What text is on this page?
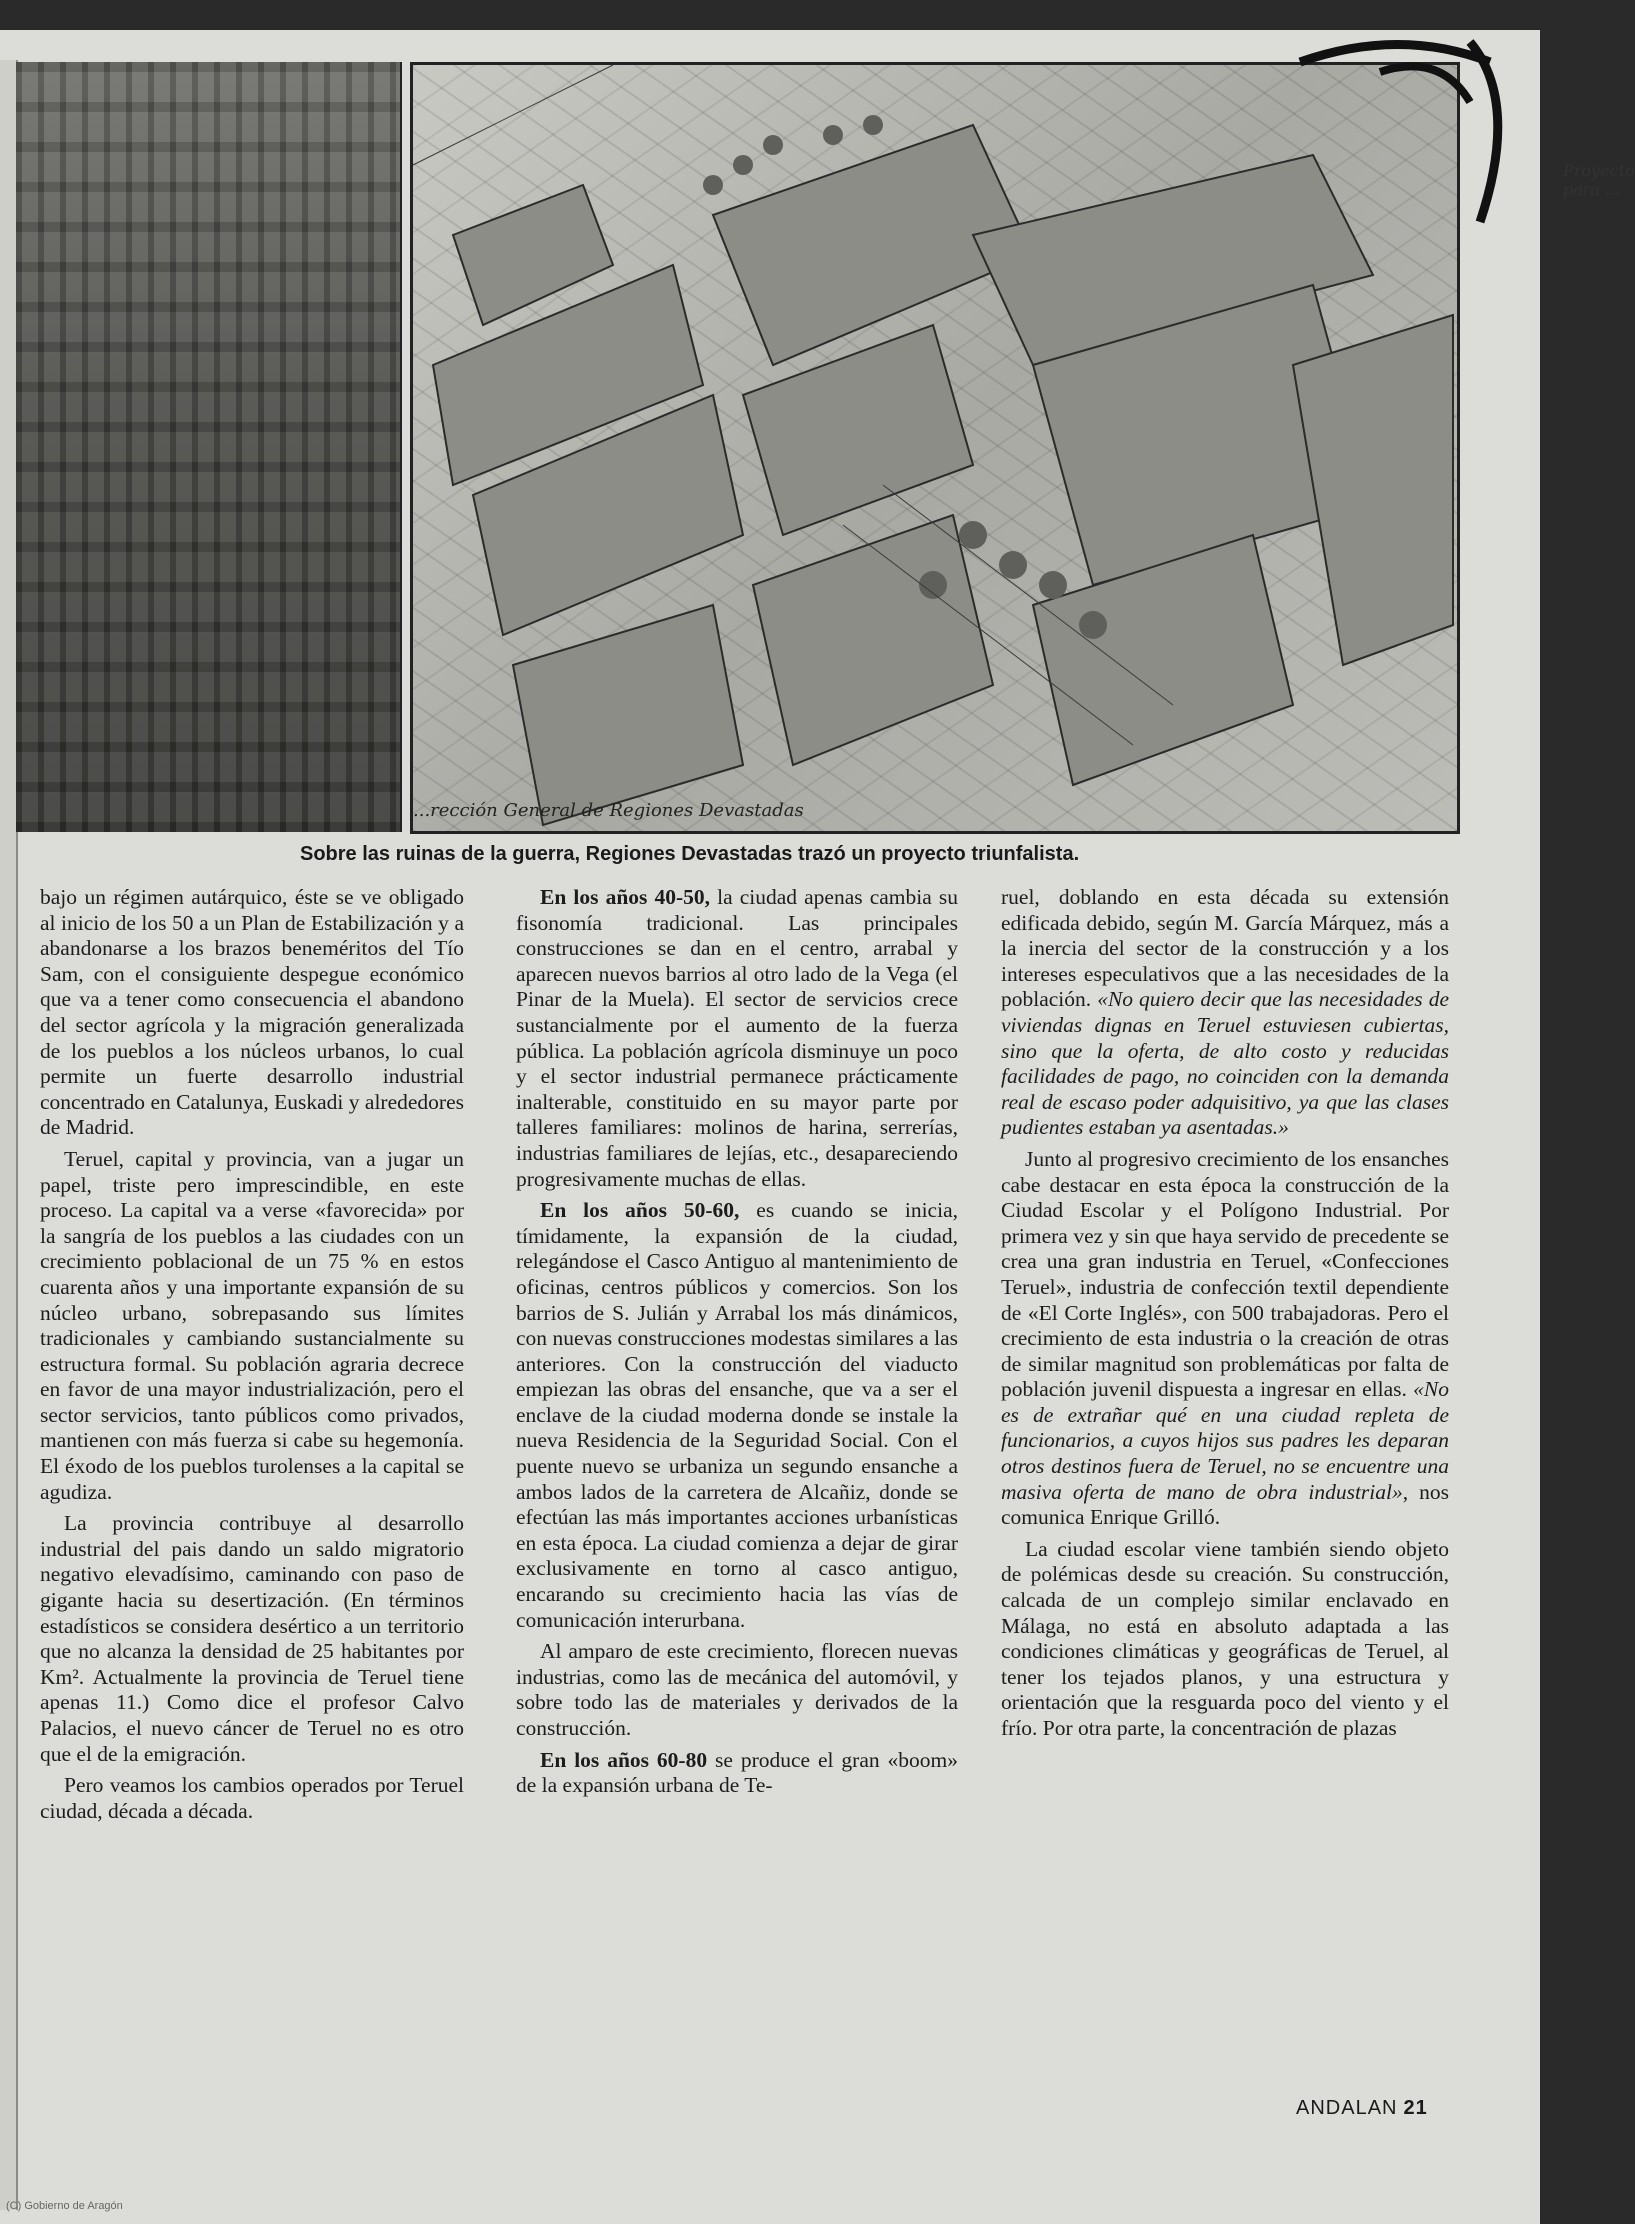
Proyecto para ...
...rección General de Regiones Devastadas
Sobre las ruinas de la guerra, Regiones Devastadas trazó un proyecto triunfalista.

bajo un régimen autárquico, éste se ve obligado al inicio de los 50 a un Plan de Estabilización y a abandonarse a los brazos beneméritos del Tío Sam, con el consiguiente despegue económico que va a tener como consecuencia el abandono del sector agrícola y la migración generalizada de los pueblos a los núcleos urbanos, lo cual permite un fuerte desarrollo industrial concentrado en Catalunya, Euskadi y alrededores de Madrid.

Teruel, capital y provincia, van a jugar un papel, triste pero imprescindible, en este proceso. La capital va a verse «favorecida» por la sangría de los pueblos a las ciudades con un crecimiento poblacional de un 75 % en estos cuarenta años y una importante expansión de su núcleo urbano, sobrepasando sus límites tradicionales y cambiando sustancialmente su estructura formal. Su población agraria decrece en favor de una mayor industrialización, pero el sector servicios, tanto públicos como privados, mantienen con más fuerza si cabe su hegemonía. El éxodo de los pueblos turolenses a la capital se agudiza.

La provincia contribuye al desarrollo industrial del pais dando un saldo migratorio negativo elevadísimo, caminando con paso de gigante hacia su desertización. (En términos estadísticos se considera desértico a un territorio que no alcanza la densidad de 25 habitantes por Km². Actualmente la provincia de Teruel tiene apenas 11.) Como dice el profesor Calvo Palacios, el nuevo cáncer de Teruel no es otro que el de la emigración.

Pero veamos los cambios operados por Teruel ciudad, década a década.

En los años 40-50, la ciudad apenas cambia su fisonomía tradicional. Las principales construcciones se dan en el centro, arrabal y aparecen nuevos barrios al otro lado de la Vega (el Pinar de la Muela). El sector de servicios crece sustancialmente por el aumento de la fuerza pública. La población agrícola disminuye un poco y el sector industrial permanece prácticamente inalterable, constituido en su mayor parte por talleres familiares: molinos de harina, serrerías, industrias familiares de lejías, etc., desapareciendo progresivamente muchas de ellas.

En los años 50-60, es cuando se inicia, tímidamente, la expansión de la ciudad, relegándose el Casco Antiguo al mantenimiento de oficinas, centros públicos y comercios. Son los barrios de S. Julián y Arrabal los más dinámicos, con nuevas construcciones modestas similares a las anteriores. Con la construcción del viaducto empiezan las obras del ensanche, que va a ser el enclave de la ciudad moderna donde se instale la nueva Residencia de la Seguridad Social. Con el puente nuevo se urbaniza un segundo ensanche a ambos lados de la carretera de Alcañiz, donde se efectúan las más importantes acciones urbanísticas en esta época. La ciudad comienza a dejar de girar exclusivamente en torno al casco antiguo, encarando su crecimiento hacia las vías de comunicación interurbana.

Al amparo de este crecimiento, florecen nuevas industrias, como las de mecánica del automóvil, y sobre todo las de materiales y derivados de la construcción.

En los años 60-80 se produce el gran «boom» de la expansión urbana de Te-

ruel, doblando en esta década su extensión edificada debido, según M. García Márquez, más a la inercia del sector de la construcción y a los intereses especulativos que a las necesidades de la población. «No quiero decir que las necesidades de viviendas dignas en Teruel estuviesen cubiertas, sino que la oferta, de alto costo y reducidas facilidades de pago, no coinciden con la demanda real de escaso poder adquisitivo, ya que las clases pudientes estaban ya asentadas.»

Junto al progresivo crecimiento de los ensanches cabe destacar en esta época la construcción de la Ciudad Escolar y el Polígono Industrial. Por primera vez y sin que haya servido de precedente se crea una gran industria en Teruel, «Confecciones Teruel», industria de confección textil dependiente de «El Corte Inglés», con 500 trabajadoras. Pero el crecimiento de esta industria o la creación de otras de similar magnitud son problemáticas por falta de población juvenil dispuesta a ingresar en ellas. «No es de extrañar qué en una ciudad repleta de funcionarios, a cuyos hijos sus padres les deparan otros destinos fuera de Teruel, no se encuentre una masiva oferta de mano de obra industrial», nos comunica Enrique Grilló.

La ciudad escolar viene también siendo objeto de polémicas desde su creación. Su construcción, calcada de un complejo similar enclavado en Málaga, no está en absoluto adaptada a las condiciones climáticas y geográficas de Teruel, al tener los tejados planos, y una estructura y orientación que la resguarda poco del viento y el frío. Por otra parte, la concentración de plazas

ANDALAN 21
(C) Gobierno de Aragón
